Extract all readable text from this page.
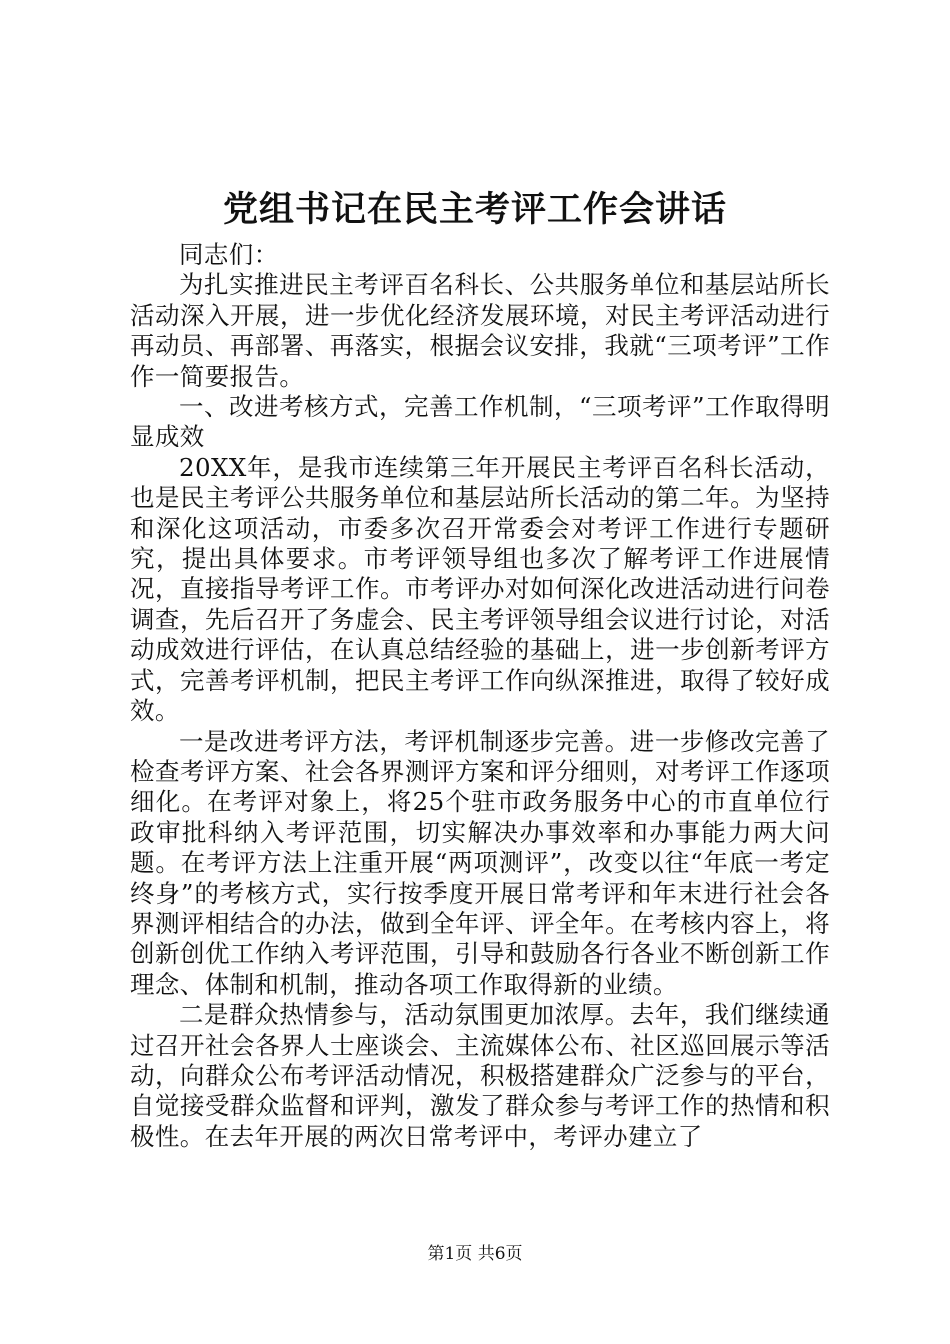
党组书记在民主考评工作会讲话

同志们：

为扎实推进民主考评百名科长、公共服务单位和基层站所长活动深入开展，进一步优化经济发展环境，对民主考评活动进行再动员、再部署、再落实，根据会议安排，我就“三项考评”工作作一简要报告。

一、改进考核方式，完善工作机制，“三项考评”工作取得明显成效

20XX年，是我市连续第三年开展民主考评百名科长活动，也是民主考评公共服务单位和基层站所长活动的第二年。为坚持和深化这项活动，市委多次召开常委会对考评工作进行专题研究，提出具体要求。市考评领导组也多次了解考评工作进展情况，直接指导考评工作。市考评办对如何深化改进活动进行问卷调查，先后召开了务虚会、民主考评领导组会议进行讨论，对活动成效进行评估，在认真总结经验的基础上，进一步创新考评方式，完善考评机制，把民主考评工作向纵深推进，取得了较好成效。

一是改进考评方法，考评机制逐步完善。进一步修改完善了检查考评方案、社会各界测评方案和评分细则，对考评工作逐项细化。在考评对象上，将25个驻市政务服务中心的市直单位行政审批科纳入考评范围，切实解决办事效率和办事能力两大问题。在考评方法上注重开展“两项测评”，改变以往“年底一考定终身”的考核方式，实行按季度开展日常考评和年末进行社会各界测评相结合的办法，做到全年评、评全年。在考核内容上，将创新创优工作纳入考评范围，引导和鼓励各行各业不断创新工作理念、体制和机制，推动各项工作取得新的业绩。

二是群众热情参与，活动氛围更加浓厚。去年，我们继续通过召开社会各界人士座谈会、主流媒体公布、社区巡回展示等活动，向群众公布考评活动情况，积极搭建群众广泛参与的平台，自觉接受群众监督和评判，激发了群众参与考评工作的热情和积极性。在去年开展的两次日常考评中，考评办建立了

第1页 共6页
